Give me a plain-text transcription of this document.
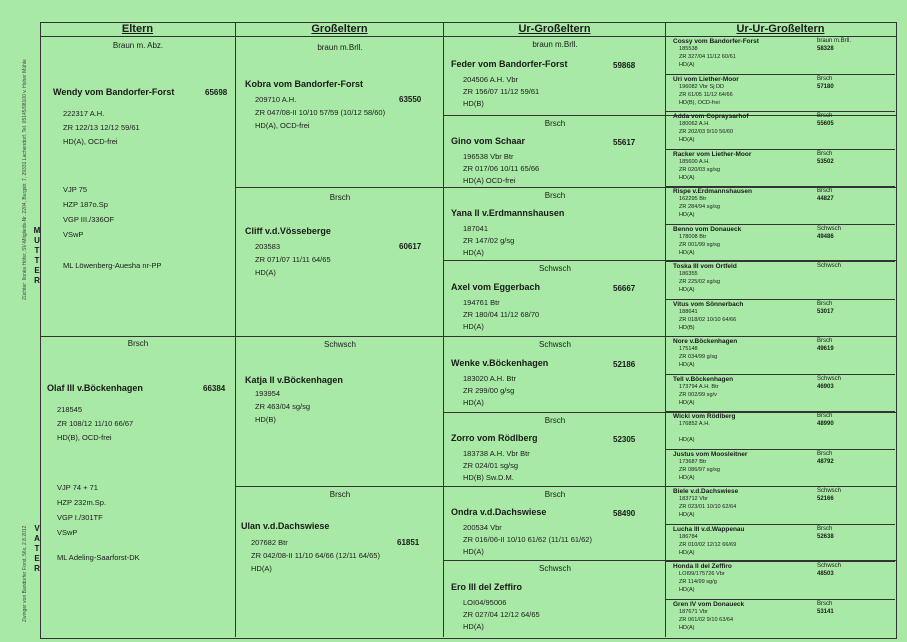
Züchter: Ilonka Höfer, SV-Mitglieds-Nr. 2204, Burgstr. 7, 29331 Lachendorf, Tel. 05145/98100 v. Hoher Mühle
Zwinger von Bandorfer Forst, 56x, 2.8.2012
M
U
T
T
E
R
V
A
T
E
R
Eltern	Großeltern	Ur-Großeltern	Ur-Ur-Großeltern
Braun m. Abz.
Wendy vom Bandorfer-Forst	65698
222317 A.H.
ZR 122/13 12/12 59/61
HD(A), OCD-frei
VJP 75
HZP 187o.Sp
VGP III./336OF
VSwP
ML Löwenberg-Auesha nr-PP
Brsch
Olaf III v.Böckenhagen	66384
218545
ZR 108/12 11/10 66/67
HD(B), OCD-frei
VJP 74 + 71
HZP 232m.Sp.
VGP I./301TF
VSwP
ML Adeling-Saarforst-DK
braun m.Brll.
Kobra vom Bandorfer-Forst
63550
209710 A.H.
ZR 047/08-II 10/10 57/59 (10/12 58/60)
HD(A), OCD-frei
Brsch
Cliff v.d.Vösseberge
60617
203583
ZR 071/07 11/11 64/65
HD(A)
Schwsch
Katja II v.Böckenhagen
193954
ZR 463/04 sg/sg
HD(B)
Brsch
Ulan v.d.Dachswiese
61851
207682 Btr
ZR 042/08-II 11/10 64/66 (12/11 64/65)
HD(A)
braun m.Brll.
Feder vom Bandorfer-Forst	59868
204506 A.H. Vbr
ZR 156/07 11/12 59/61
HD(B)
Brsch
Gino vom Schaar	55617
196538 Vbr Btr
ZR 017/06 10/11 65/66
HD(A) OCD-frei
Brsch
Yana II v.Erdmannshausen
187041
ZR 147/02 g/sg
HD(A)
Schwsch
Axel vom Eggerbach	56667
194761 Btr
ZR 180/04 11/12 68/70
HD(A)
Schwsch
Wenke v.Böckenhagen	52186
183020 A.H. Btr
ZR 299/00 g/sg
HD(A)
Brsch
Zorro vom Rödlberg	52305
183738 A.H. Vbr Btr
ZR 024/01 sg/sg
HD(B) Sw.D.M.
Brsch
Ondra v.d.Dachswiese	58490
200534 Vbr
ZR 016/06-II 10/10 61/62 (11/11 61/62)
HD(A)
Schwsch
Ero III del Zeffiro
LOI04/95006
ZR 027/04 12/12 64/65
HD(A)
Cossy vom Bandorfer-Forst	braun m.Brll.
58328
185538
ZR 327/04 11/12 60/61
HD(A)
Uri vom Liether-Moor	Brsch
57180
196082 Vbr Sj DD
ZR 61/05 11/12 64/66
HD(B), OCD-frei
Adda vom Copraysarhof	Brsch
55605
180062 A.H.
ZR 202/03 9/10 56/60
HD(A)
Racker vom Liether-Moor	Brsch
53502
185600 A.H.
ZR 020/03 sg/sg
HD(A)
Rispe v.Erdmannshausen	Brsch
44827
162295 Btr
ZR 284/94 sg/sg
HD(A)
Benno vom Donaueck	Schwsch
49486
178008 Btr
ZR 001/99 sg/sg
HD(A)
Toska III vom Ortfeld	Schwsch
186355
ZR 225/02 sg/sg
HD(A)
Vitus vom Sönnerbach	Brsch
53017
188641
ZR 018/02 10/10 64/66
HD(B)
Nore v.Böckenhagen	Brsch
49619
175148
ZR 034/99 g/sg
HD(A)
Tell v.Böckenhagen	Schwsch
46903
173794 A.H. Btr
ZR 002/99 sg/v
HD(A)
Wicki vom Rödlberg	Brsch
48990
176852 A.H.
HD(A)
Justus vom Moosleitner	Brsch
48792
173687 Btr
ZR 086/97 sg/sg
HD(A)
Biele v.d.Dachswiese	Schwsch
52166
183712 Vbr
ZR 023/01 10/10 62/64
HD(A)
Lucha III v.d.Wappenau	Brsch
52638
186784
ZR 010/02 12/12 66/69
HD(A)
Honda II del Zeffiro	Schwsch
48503
LOI99/175726 Vbr
ZR 114/99 sg/g
HD(A)
Gren IV vom Donaueck	Brsch
53141
187671 Vbr
ZR 061/02 9/10 63/64
HD(A)
